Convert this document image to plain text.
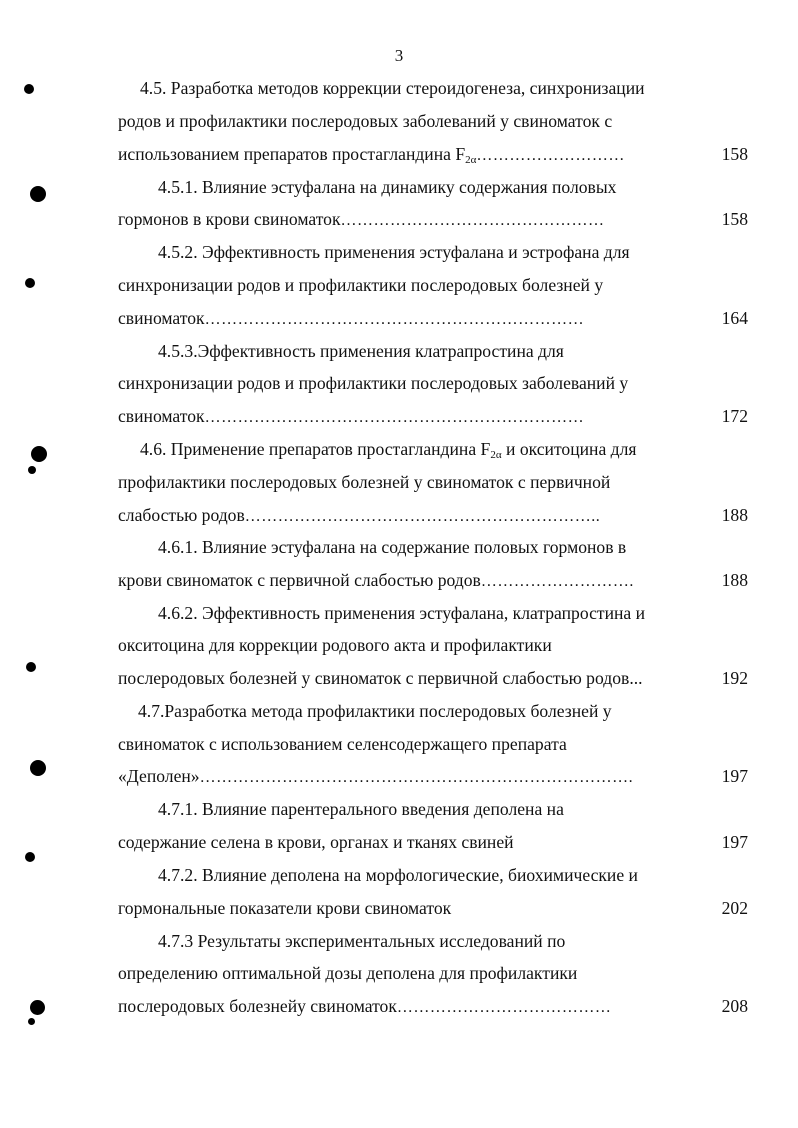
3
4.5. Разработка методов коррекции стероидогенеза, синхронизации
родов и профилактики послеродовых заболеваний у свиноматок с
использованием препаратов простагландина $F_{2\alpha}\dots\dots\dots\dots\dots\dots\dots\dots\dots$	158
4.5.1. Влияние эстуфалана на динамику содержания половых
гормонов в крови свиноматок…………………………………………	158
4.5.2. Эффективность применения эстуфалана и эстрофана для
синхронизации родов и профилактики послеродовых болезней у
свиноматок……………………………………………………………	164
4.5.3.Эффективность применения клатрапростина для
синхронизации родов и профилактики послеродовых заболеваний у
свиноматок……………………………………………………………	172
4.6. Применение препаратов простагландина $F_{2\alpha}$ и окситоцина для
профилактики послеродовых болезней у свиноматок с первичной
слабостью родов………………………………………………………..	188
4.6.1. Влияние эстуфалана на содержание половых гормонов в
крови свиноматок с первичной слабостью родов……………………….	188
4.6.2. Эффективность применения эстуфалана, клатрапростина и
окситоцина для коррекции родового акта и профилактики
послеродовых болезней у свиноматок с первичной слабостью родов...	192
4.7.Разработка метода профилактики послеродовых болезней у
свиноматок с использованием селенсодержащего препарата
«Деполен»…………………………………………………………………….	197
4.7.1. Влияние парентерального введения деполена на
содержание селена в крови, органах и тканях свиней	197
4.7.2. Влияние деполена на морфологические, биохимические и
гормональные показатели крови свиноматок	202
4.7.3 Результаты экспериментальных исследований по
определению оптимальной дозы деполена для профилактики
послеродовых болезнейу свиноматок…………………………………	208
